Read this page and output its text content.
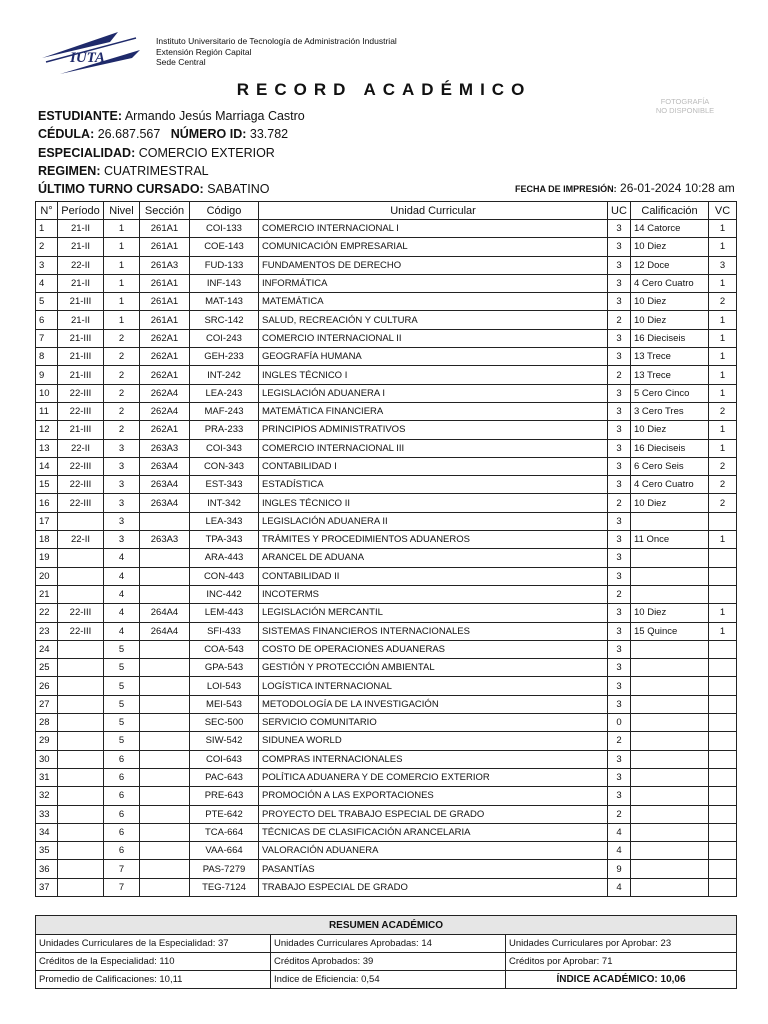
IUTA
Instituto Universitario de Tecnología de Administración Industrial
Extensión Región Capital
Sede Central
RECORD ACADÉMICO
FOTOGRAFÍA
NO DISPONIBLE
ESTUDIANTE: Armando Jesús Marriaga Castro
CÉDULA: 26.687.567 NÚMERO ID: 33.782
ESPECIALIDAD: COMERCIO EXTERIOR
REGIMEN: CUATRIMESTRAL
ÚLTIMO TURNO CURSADO: SABATINO	FECHA DE IMPRESIÓN: 26-01-2024 10:28 am
N°	Período	Nivel	Sección	Código	Unidad Curricular	UC	Calificación	VC
1	21-II	1	261A1	COI-133	COMERCIO INTERNACIONAL I	3	14 Catorce	1
2	21-II	1	261A1	COE-143	COMUNICACIÓN EMPRESARIAL	3	10 Diez	1
3	22-II	1	261A3	FUD-133	FUNDAMENTOS DE DERECHO	3	12 Doce	3
4	21-II	1	261A1	INF-143	INFORMÁTICA	3	4 Cero Cuatro	1
5	21-III	1	261A1	MAT-143	MATEMÁTICA	3	10 Diez	2
6	21-II	1	261A1	SRC-142	SALUD, RECREACIÓN Y CULTURA	2	10 Diez	1
7	21-III	2	262A1	COI-243	COMERCIO INTERNACIONAL II	3	16 Dieciseis	1
8	21-III	2	262A1	GEH-233	GEOGRAFÍA HUMANA	3	13 Trece	1
9	21-III	2	262A1	INT-242	INGLES TÉCNICO I	2	13 Trece	1
10	22-III	2	262A4	LEA-243	LEGISLACIÓN ADUANERA I	3	5 Cero Cinco	1
11	22-III	2	262A4	MAF-243	MATEMÁTICA FINANCIERA	3	3 Cero Tres	2
12	21-III	2	262A1	PRA-233	PRINCIPIOS ADMINISTRATIVOS	3	10 Diez	1
13	22-II	3	263A3	COI-343	COMERCIO INTERNACIONAL III	3	16 Dieciseis	1
14	22-III	3	263A4	CON-343	CONTABILIDAD I	3	6 Cero Seis	2
15	22-III	3	263A4	EST-343	ESTADÍSTICA	3	4 Cero Cuatro	2
16	22-III	3	263A4	INT-342	INGLES TÉCNICO II	2	10 Diez	2
17		3		LEA-343	LEGISLACIÓN ADUANERA II	3		
18	22-II	3	263A3	TPA-343	TRÁMITES Y PROCEDIMIENTOS ADUANEROS	3	11 Once	1
19		4		ARA-443	ARANCEL DE ADUANA	3		
20		4		CON-443	CONTABILIDAD II	3		
21		4		INC-442	INCOTERMS	2		
22	22-III	4	264A4	LEM-443	LEGISLACIÓN MERCANTIL	3	10 Diez	1
23	22-III	4	264A4	SFI-433	SISTEMAS FINANCIEROS INTERNACIONALES	3	15 Quince	1
24		5		COA-543	COSTO DE OPERACIONES ADUANERAS	3		
25		5		GPA-543	GESTIÓN Y PROTECCIÓN AMBIENTAL	3		
26		5		LOI-543	LOGÍSTICA INTERNACIONAL	3		
27		5		MEI-543	METODOLOGÍA DE LA INVESTIGACIÓN	3		
28		5		SEC-500	SERVICIO COMUNITARIO	0		
29		5		SIW-542	SIDUNEA WORLD	2		
30		6		COI-643	COMPRAS INTERNACIONALES	3		
31		6		PAC-643	POLÍTICA ADUANERA Y DE COMERCIO EXTERIOR	3		
32		6		PRE-643	PROMOCIÓN A LAS EXPORTACIONES	3		
33		6		PTE-642	PROYECTO DEL TRABAJO ESPECIAL DE GRADO	2		
34		6		TCA-664	TÉCNICAS DE CLASIFICACIÓN ARANCELARIA	4		
35		6		VAA-664	VALORACIÓN ADUANERA	4		
36		7		PAS-7279	PASANTÍAS	9		
37		7		TEG-7124	TRABAJO ESPECIAL DE GRADO	4		
RESUMEN ACADÉMICO		
Unidades Curriculares de la Especialidad: 37	Unidades Curriculares Aprobadas: 14	Unidades Curriculares por Aprobar: 23
Créditos de la Especialidad: 110	Créditos Aprobados: 39	Créditos por Aprobar: 71
Promedio de Calificaciones: 10,11	Indice de Eficiencia: 0,54	ÍNDICE ACADÉMICO: 10,06
